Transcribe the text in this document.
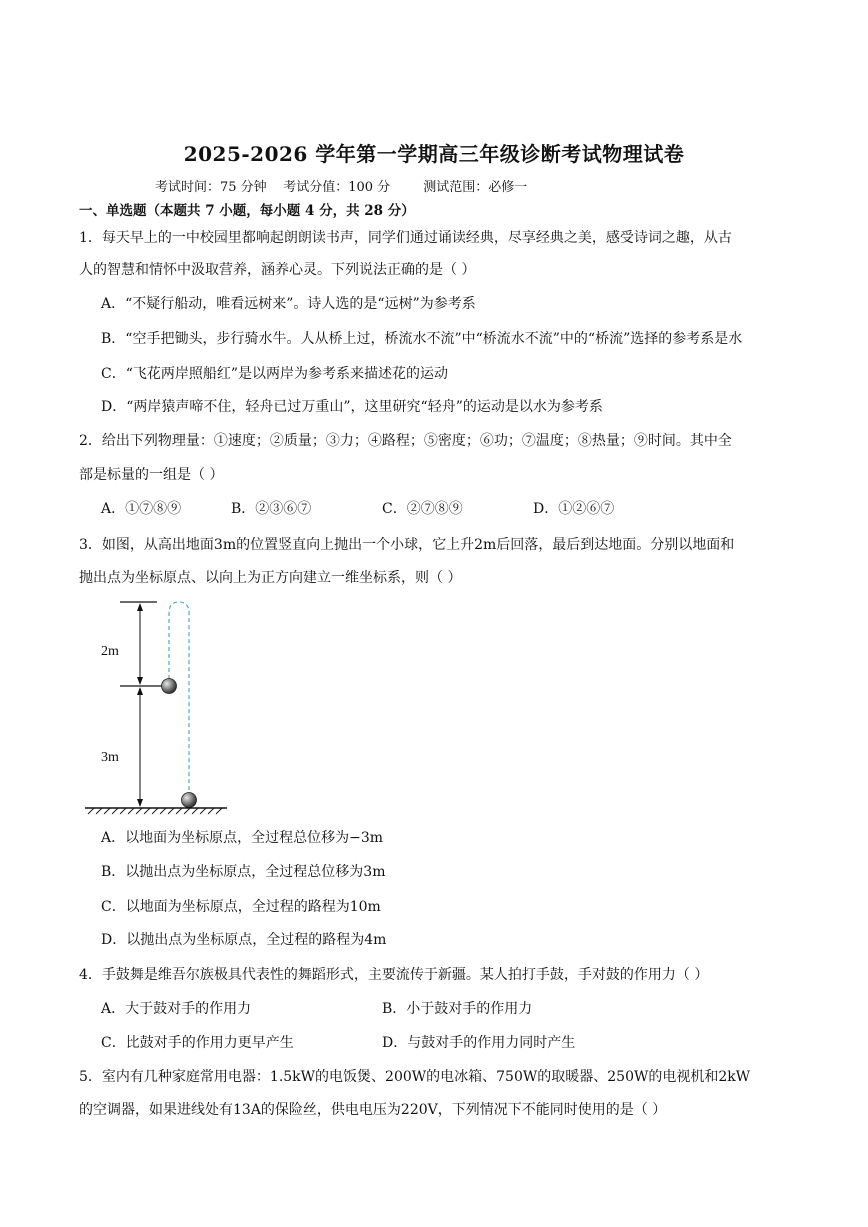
2025-2026 学年第一学期高三年级诊断考试物理试卷
考试时间：75 分钟    考试分值：100 分        测试范围：必修一
一、单选题（本题共 7 小题，每小题 4 分，共 28 分）
1．每天早上的一中校园里都响起朗朗读书声，同学们通过诵读经典，尽享经典之美，感受诗词之趣，从古
人的智慧和情怀中汲取营养，涵养心灵。下列说法正确的是（ ）
A．“不疑行船动，唯看远树来”。诗人选的是“远树”为参考系
B．“空手把锄头，步行骑水牛。人从桥上过，桥流水不流”中“桥流水不流”中的“桥流”选择的参考系是水
C．“飞花两岸照船红”是以两岸为参考系来描述花的运动
D．“两岸猿声啼不住，轻舟已过万重山”，这里研究“轻舟”的运动是以水为参考系
2．给出下列物理量：①速度；②质量；③力；④路程；⑤密度；⑥功；⑦温度；⑧热量；⑨时间。其中全
部是标量的一组是（ ）
A．①⑦⑧⑨	B．②③⑥⑦	C．②⑦⑧⑨	D．①②⑥⑦
3．如图，从高出地面3m的位置竖直向上抛出一个小球，它上升2m后回落，最后到达地面。分别以地面和
抛出点为坐标原点、以向上为正方向建立一维坐标系，则（ ）
2m
3m
A．以地面为坐标原点，全过程总位移为−3m
B．以抛出点为坐标原点，全过程总位移为3m
C．以地面为坐标原点，全过程的路程为10m
D．以抛出点为坐标原点，全过程的路程为4m
4．手鼓舞是维吾尔族极具代表性的舞蹈形式，主要流传于新疆。某人拍打手鼓，手对鼓的作用力（ ）
A．大于鼓对手的作用力	B．小于鼓对手的作用力
C．比鼓对手的作用力更早产生	D．与鼓对手的作用力同时产生
5．室内有几种家庭常用电器：1.5kW的电饭煲、200W的电冰箱、750W的取暖器、250W的电视机和2kW
的空调器，如果进线处有13A的保险丝，供电电压为220V，下列情况下不能同时使用的是（ ）
